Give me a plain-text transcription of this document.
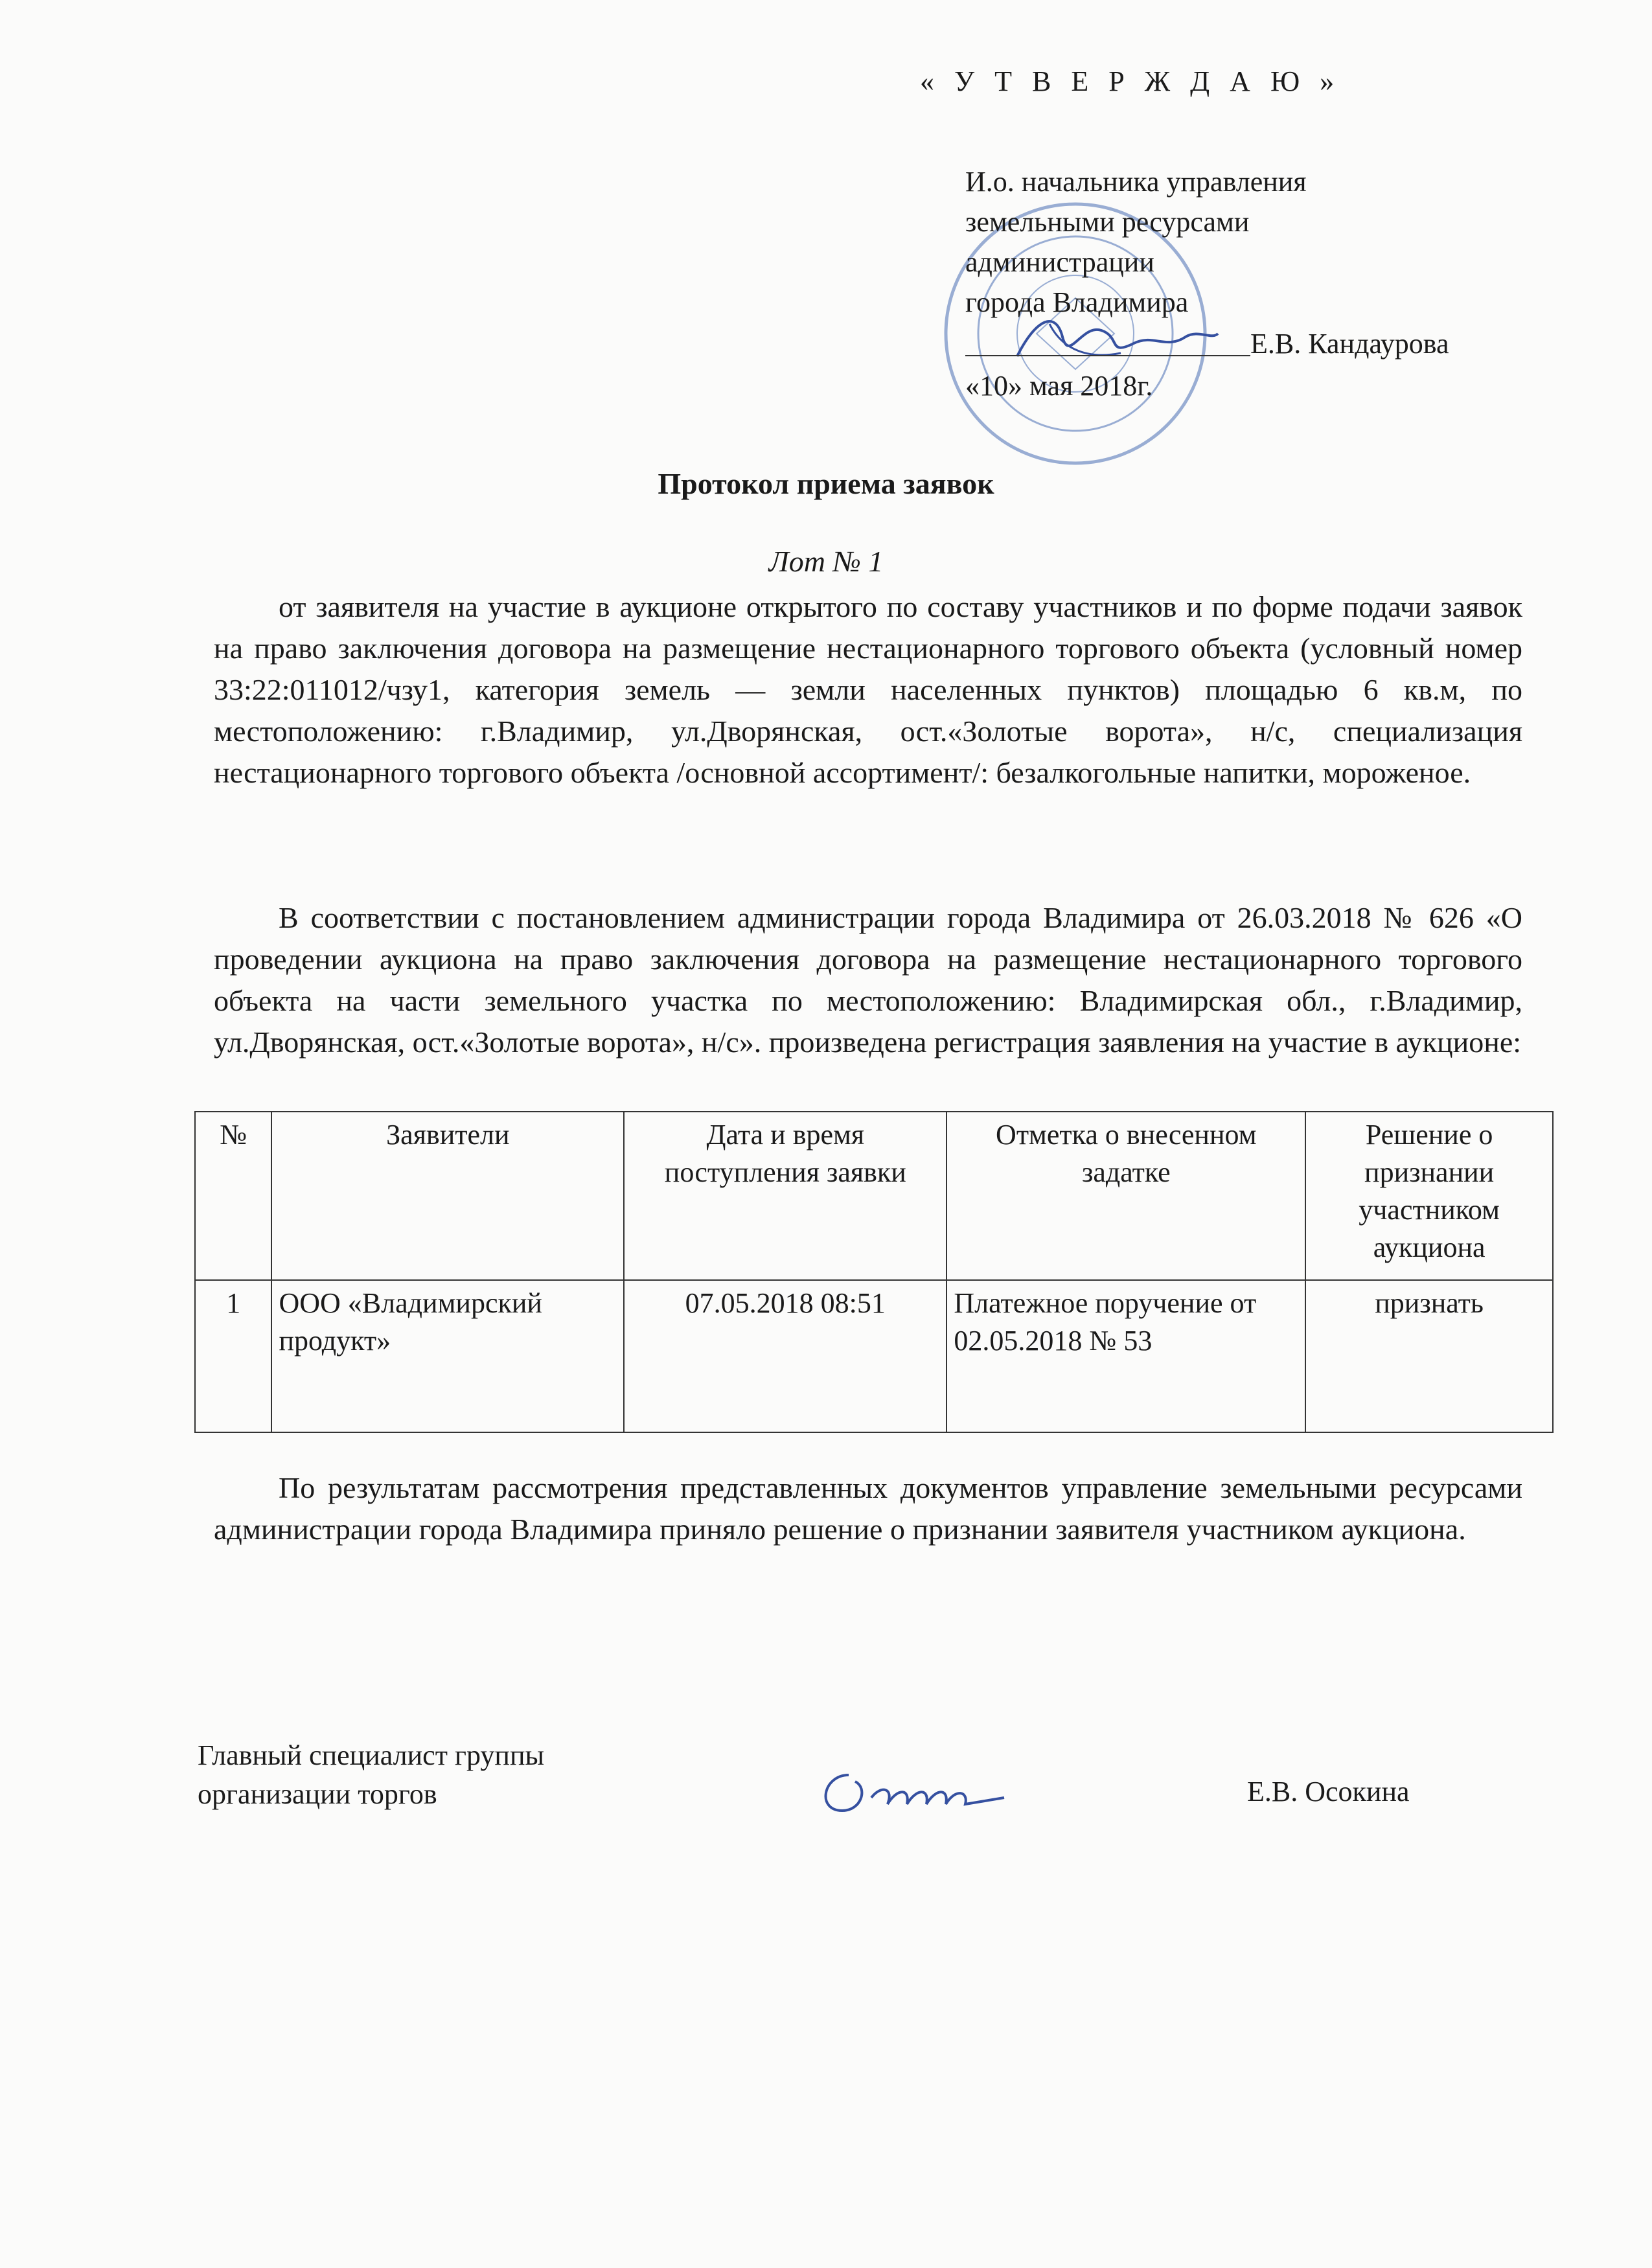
« У Т В Е Р Ж Д А Ю »
И.о. начальника управления
земельными ресурсами
администрации
города Владимира
Е.В. Кандаурова
«10» мая 2018г.
Протокол приема заявок
Лот № 1
от заявителя на участие в аукционе открытого по составу участников и по форме подачи заявок на право заключения договора на размещение нестационарного торгового объекта (условный номер 33:22:011012/чзу1, категория земель — земли населенных пунктов) площадью 6 кв.м, по местоположению: г.Владимир, ул.Дворянская, ост.«Золотые ворота», н/с, специализация нестационарного торгового объекта /основной ассортимент/: безалкогольные напитки, мороженое.
В соответствии с постановлением администрации города Владимира от 26.03.2018 № 626 «О проведении аукциона на право заключения договора на размещение нестационарного торгового объекта на части земельного участка по местоположению: Владимирская обл., г.Владимир, ул.Дворянская, ост.«Золотые ворота», н/с». произведена регистрация заявления на участие в аукционе:
№	Заявители	Дата и время поступления заявки	Отметка о внесенном задатке	Решение о признании участником аукциона
1	ООО «Владимирский продукт»	07.05.2018 08:51	Платежное поручение от 02.05.2018 № 53	признать
По результатам рассмотрения представленных документов управление земельными ресурсами администрации города Владимира приняло решение о признании заявителя участником аукциона.
Главный специалист группы
организации торгов	Е.В. Осокина
